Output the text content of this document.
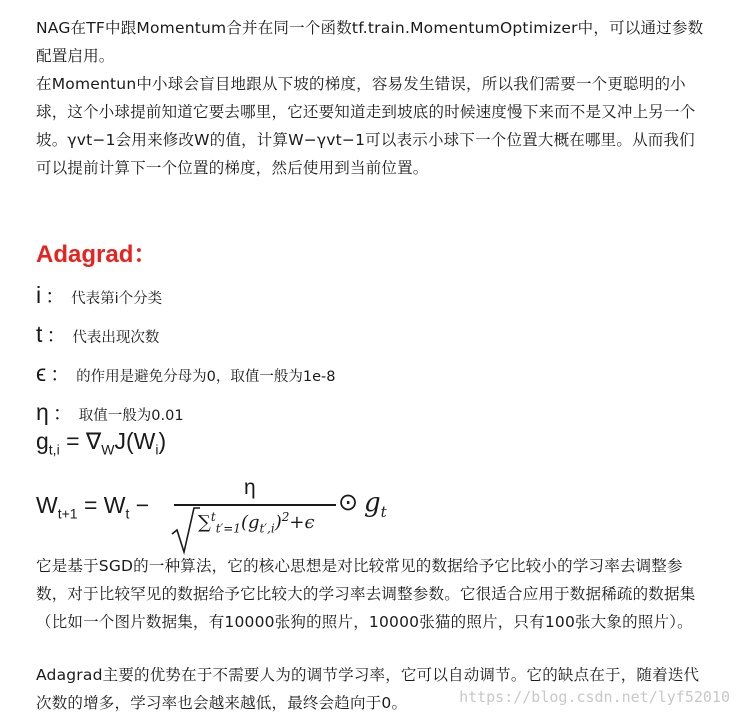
NAG在TF中跟Momentum合并在同一个函数tf.train.MomentumOptimizer中，可以通过参数配置启用。

在Momentun中小球会盲目地跟从下坡的梯度，容易发生错误，所以我们需要一个更聪明的小球，这个小球提前知道它要去哪里，它还要知道走到坡底的时候速度慢下来而不是又冲上另一个坡。γvt−1会用来修改W的值，计算W−γvt−1可以表示小球下一个位置大概在哪里。从而我们可以提前计算下一个位置的梯度，然后使用到当前位置。

Adagrad：
i ： 代表第i个分类
t ： 代表出现次数
ϵ ： 的作用是避免分母为0，取值一般为1e-8
η ： 取值一般为0.01
$g_{t,i} = \nabla_WJ(W_i)$
$W_{t+1} = W_t$ −
η
$\sum^t_{t'=1}(g_{t',i})^2+\epsilon$
⊙ $g_t$

它是基于SGD的一种算法，它的核心思想是对比较常见的数据给予它比较小的学习率去调整参数，对于比较罕见的数据给予它比较大的学习率去调整参数。它很适合应用于数据稀疏的数据集（比如一个图片数据集，有10000张狗的照片，10000张猫的照片，只有100张大象的照片）。

Adagrad主要的优势在于不需要人为的调节学习率，它可以自动调节。它的缺点在于，随着迭代次数的增多，学习率也会越来越低，最终会趋向于0。	https://blog.csdn.net/lyf52010
